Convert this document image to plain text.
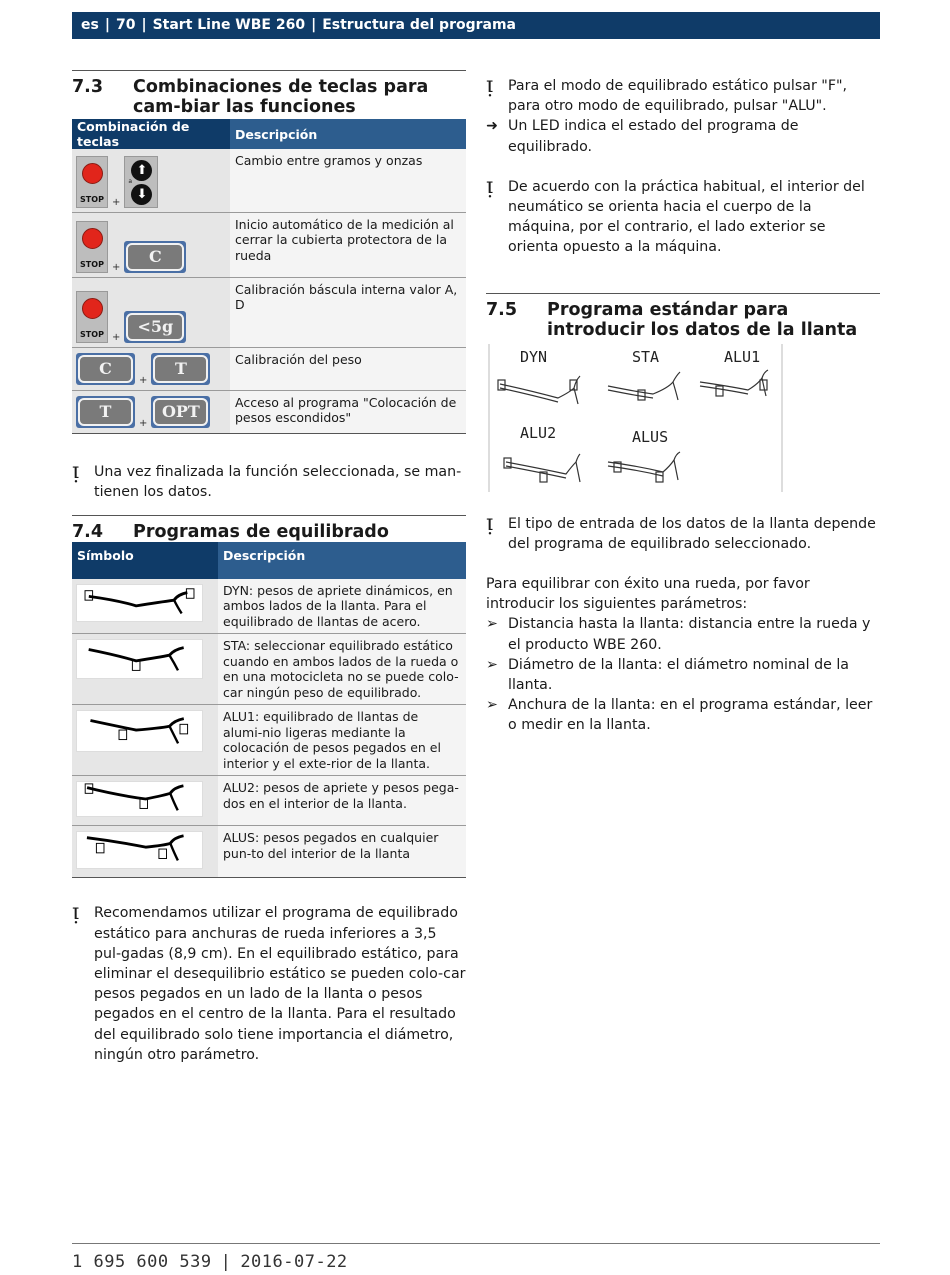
es | 70 | Start Line WBE 260 | Estructura del programa
7.3	Combinaciones de teclas para cam-biar las funciones
Combinación de teclas	Descripción

STOP +
⬆
a
⬇	Cambio entre gramos y onzas

STOP +
C	Inicio automático de la medición al cerrar la cubierta protectora de la rueda

STOP +
<5g	Calibración báscula interna valor A, D

C
+
T	Calibración del peso

T
+
OPT	Acceso al programa "Colocación de pesos escondidos"
ᴉ	Una vez finalizada la función seleccionada, se man-tienen los datos.
7.4	Programas de equilibrado
Símbolo	Descripción
	DYN: pesos de apriete dinámicos, en ambos lados de la llanta. Para el equilibrado de llantas de acero.
	STA: seleccionar equilibrado estático cuando en ambos lados de la rueda o en una motocicleta no se puede colo-car ningún peso de equilibrado.
	ALU1: equilibrado de llantas de alumi-nio ligeras mediante la colocación de pesos pegados en el interior y el exte-rior de la llanta.
	ALU2: pesos de apriete y pesos pega-dos en el interior de la llanta.
	ALUS: pesos pegados en cualquier pun-to del interior de la llanta
ᴉ	Recomendamos utilizar el programa de equilibrado estático para anchuras de rueda inferiores a 3,5 pul-gadas (8,9 cm). En el equilibrado estático, para eliminar el desequilibrio estático se pueden colo-car pesos pegados en un lado de la llanta o pesos pegados en el centro de la llanta. Para el resultado del equilibrado solo tiene importancia el diámetro, ningún otro parámetro.
ᴉ	Para el modo de equilibrado estático pulsar "F", para otro modo de equilibrado, pulsar "ALU".
➜ Un LED indica el estado del programa de equilibrado.
ᴉ	De acuerdo con la práctica habitual, el interior del neumático se orienta hacia el cuerpo de la máquina, por el contrario, el lado exterior se orienta opuesto a la máquina.
7.5	Programa estándar para introducir los datos de la llanta
DYN	STA	ALU1
ALU2	ALUS
ᴉ	El tipo de entrada de los datos de la llanta depende del programa de equilibrado seleccionado.
Para equilibrar con éxito una rueda, por favor introducir los siguientes parámetros:
➢ Distancia hasta la llanta: distancia entre la rueda y el producto WBE 260.
➢ Diámetro de la llanta: el diámetro nominal de la llanta.
➢ Anchura de la llanta: en el programa estándar, leer o medir en la llanta.
1 695 600 539 | 2016-07-22
